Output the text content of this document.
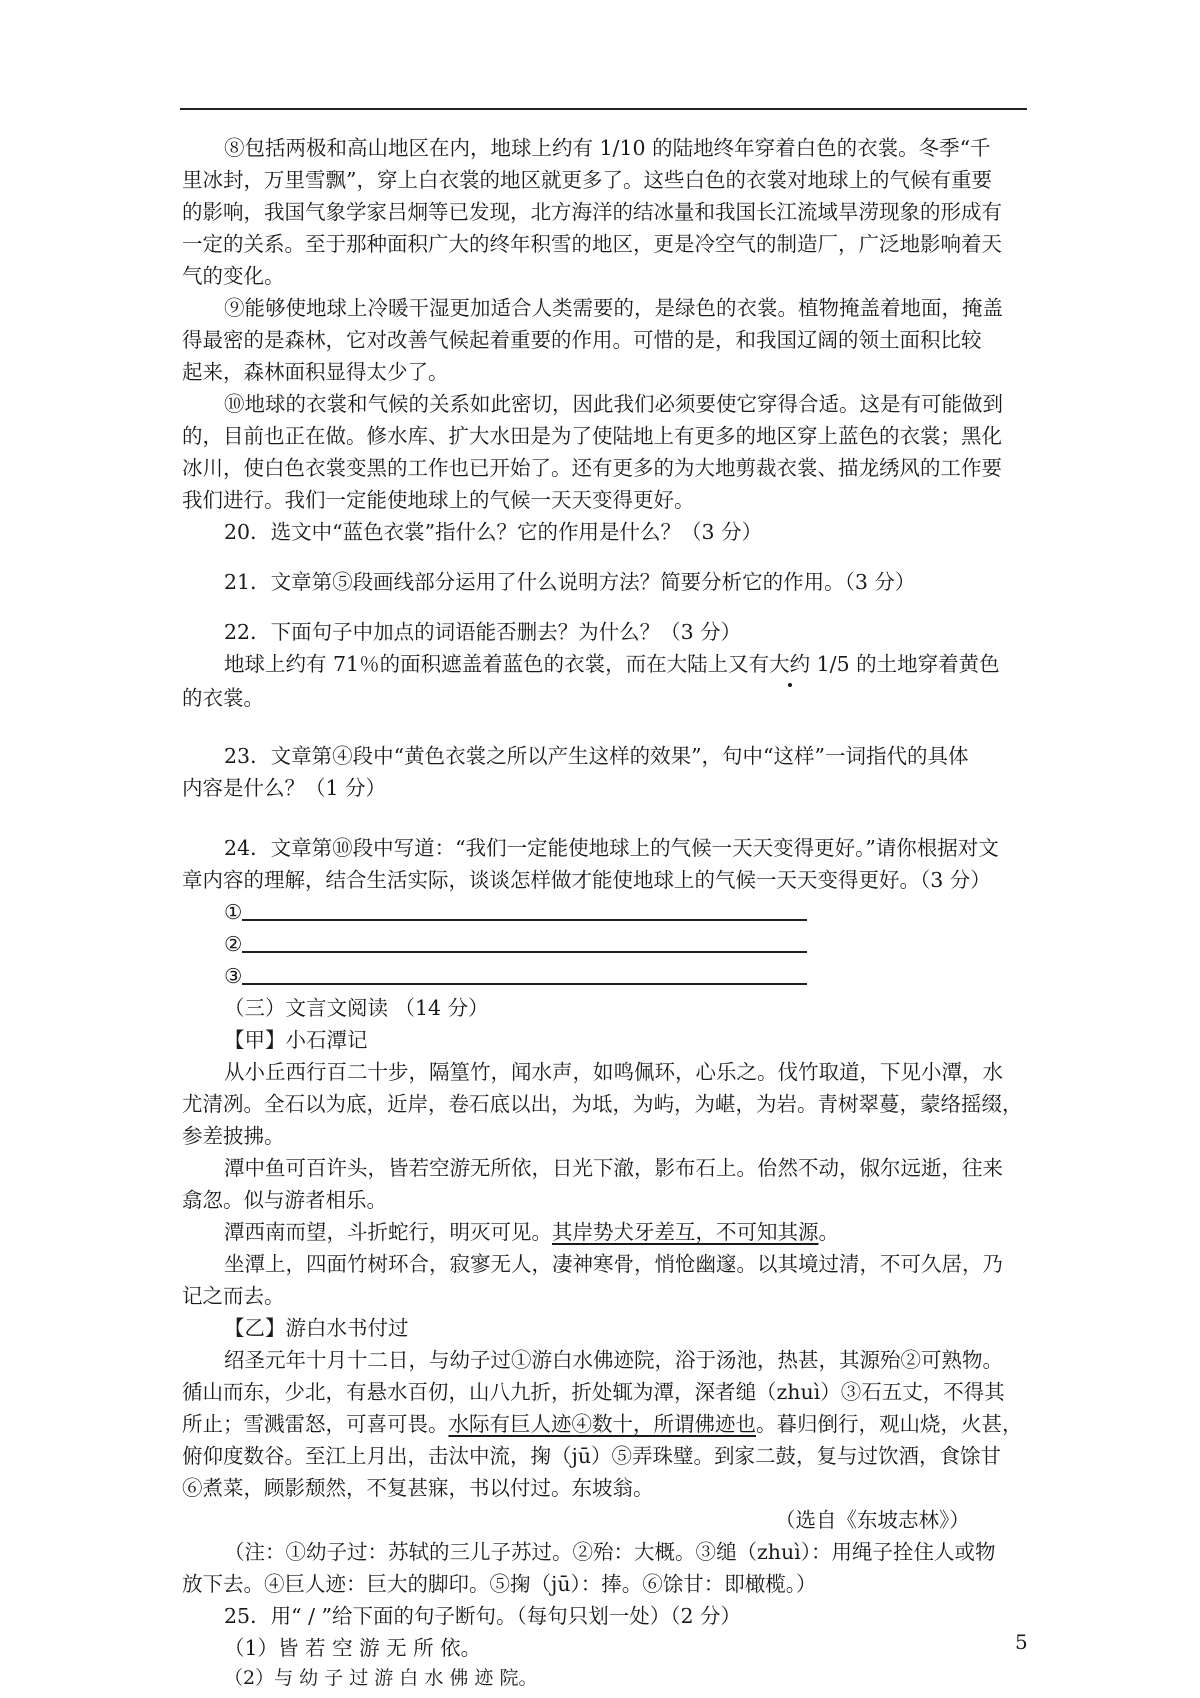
⑧包括两极和高山地区在内，地球上约有 1/10 的陆地终年穿着白色的衣裳。冬季“千
里冰封，万里雪飘”，穿上白衣裳的地区就更多了。这些白色的衣裳对地球上的气候有重要
的影响，我国气象学家吕炯等已发现，北方海洋的结冰量和我国长江流域旱涝现象的形成有
一定的关系。至于那种面积广大的终年积雪的地区，更是冷空气的制造厂，广泛地影响着天
气的变化。
⑨能够使地球上冷暖干湿更加适合人类需要的，是绿色的衣裳。植物掩盖着地面，掩盖
得最密的是森林，它对改善气候起着重要的作用。可惜的是，和我国辽阔的领土面积比较
起来，森林面积显得太少了。
⑩地球的衣裳和气候的关系如此密切，因此我们必须要使它穿得合适。这是有可能做到
的，目前也正在做。修水库、扩大水田是为了使陆地上有更多的地区穿上蓝色的衣裳；黑化
冰川，使白色衣裳变黑的工作也已开始了。还有更多的为大地剪裁衣裳、描龙绣风的工作要
我们进行。我们一定能使地球上的气候一天天变得更好。
20．选文中“蓝色衣裳”指什么？它的作用是什么？（3 分）
21．文章第⑤段画线部分运用了什么说明方法？简要分析它的作用。（3 分）
22．下面句子中加点的词语能否删去？为什么？（3 分）
地球上约有 71％的面积遮盖着蓝色的衣裳，而在大陆上又有大约 1/5 的土地穿着黄色
的衣裳。
23．文章第④段中“黄色衣裳之所以产生这样的效果”，句中“这样”一词指代的具体
内容是什么？（1 分）
24．文章第⑩段中写道：“我们一定能使地球上的气候一天天变得更好。”请你根据对文
章内容的理解，结合生活实际，谈谈怎样做才能使地球上的气候一天天变得更好。（3 分）
①
②
③
（三）文言文阅读 （14 分）
【甲】小石潭记
从小丘西行百二十步，隔篁竹，闻水声，如鸣佩环，心乐之。伐竹取道，下见小潭，水
尤清冽。全石以为底，近岸，卷石底以出，为坻，为屿，为嵁，为岩。青树翠蔓，蒙络摇缀，
参差披拂。
潭中鱼可百许头，皆若空游无所依，日光下澈，影布石上。佁然不动，俶尔远逝，往来
翕忽。似与游者相乐。
潭西南而望，斗折蛇行，明灭可见。其岸势犬牙差互，不可知其源。
坐潭上，四面竹树环合，寂寥无人，凄神寒骨，悄怆幽邃。以其境过清，不可久居，乃
记之而去。
【乙】游白水书付过
绍圣元年十月十二日，与幼子过①游白水佛迹院，浴于汤池，热甚，其源殆②可熟物。
循山而东，少北，有悬水百仞，山八九折，折处辄为潭，深者缒（zhuì）③石五丈，不得其
所止；雪溅雷怒，可喜可畏。水际有巨人迹④数十，所谓佛迹也。暮归倒行，观山烧，火甚，
俯仰度数谷。至江上月出，击汰中流，掬（jū）⑤弄珠璧。到家二鼓，复与过饮酒，食馀甘
⑥煮菜，顾影颓然，不复甚寐，书以付过。东坡翁。
（选自《东坡志林》）
（注：①幼子过：苏轼的三儿子苏过。②殆：大概。③缒（zhuì）：用绳子拴住人或物
放下去。④巨人迹：巨大的脚印。⑤掬（jū）：捧。⑥馀甘：即橄榄。）
25．用“ / ”给下面的句子断句。（每句只划一处）（2 分）
（1）皆 若 空 游 无 所 依。
（2）与 幼 子 过 游 白 水 佛 迹 院。
5
